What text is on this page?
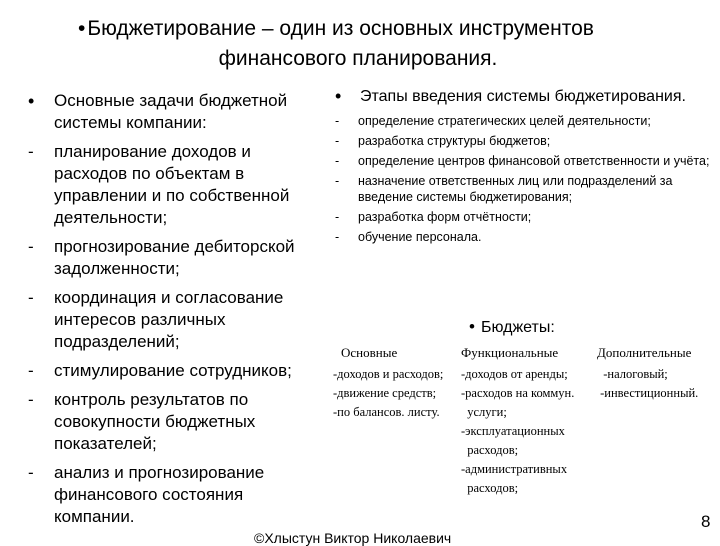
• Бюджетирование – один из основных инструментов
финансового планирования.
• Основные задачи бюджетной системы компании:
- планирование доходов и расходов по объектам в управлении и по собственной деятельности;
- прогнозирование дебиторской задолженности;
- координация и согласование интересов различных подразделений;
- стимулирование сотрудников;
- контроль результатов по совокупности бюджетных показателей;
- анализ и прогнозирование финансового состояния компании.
• Этапы введения системы бюджетирования.
- определение стратегических целей деятельности;
- разработка структуры бюджетов;
- определение центров финансовой ответственности и учёта;
- назначение ответственных лиц или подразделений за введение системы бюджетирования;
- разработка форм отчётности;
- обучение персонала.
• Бюджеты:
Основные
-доходов и расходов;
-движение средств;
-по балансов. листу.
Функциональные
-доходов от аренды;
-расходов на коммун.
услуги;
-эксплуатационных
расходов;
-административных
расходов;
Дополнительные
-налоговый;
-инвестиционный.
8
©Хлыстун Виктор Николаевич
